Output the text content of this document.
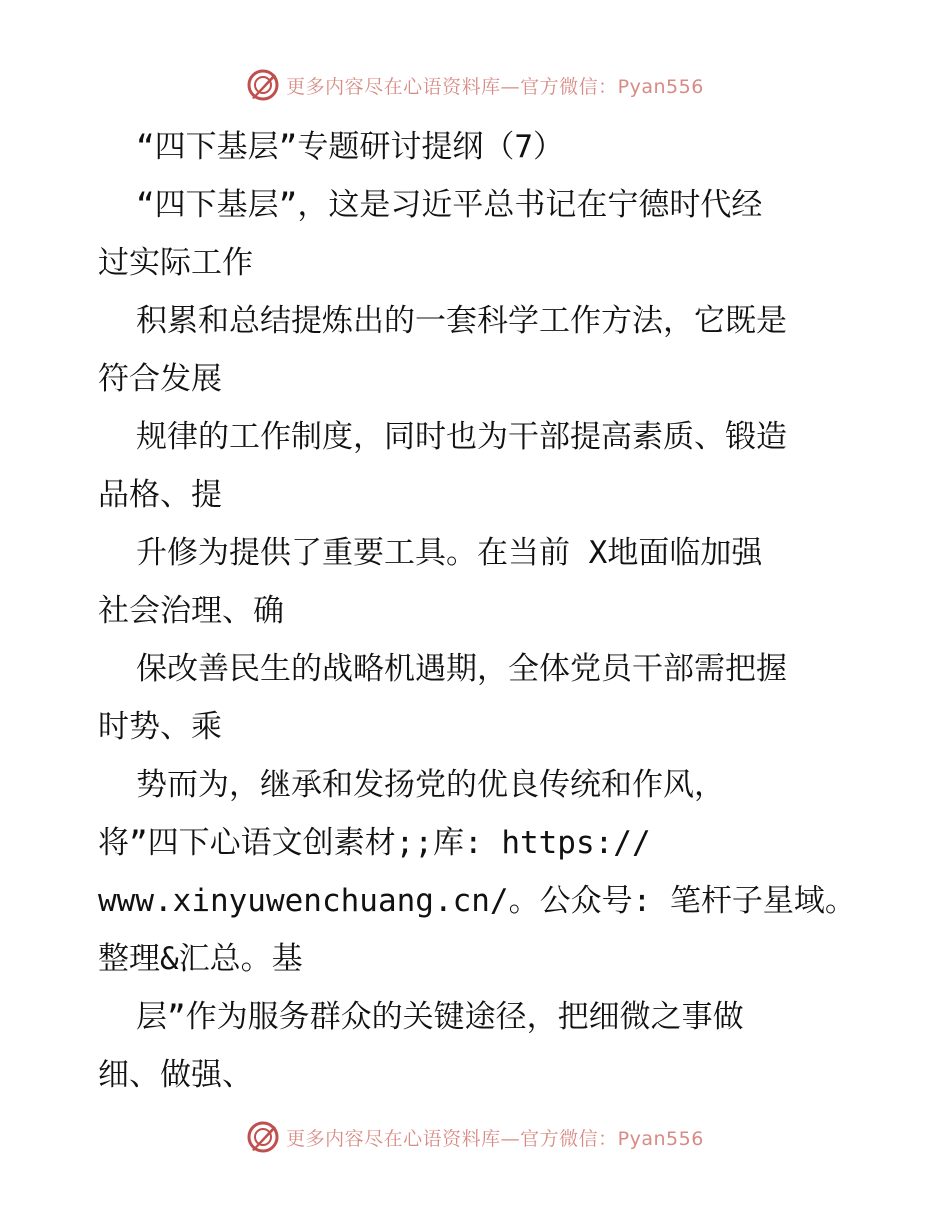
更多内容尽在心语资料库—官方微信：Pyan556
“四下基层”专题研讨提纲（7）
“四下基层”，这是习近平总书记在宁德时代经
过实际工作
积累和总结提炼出的一套科学工作方法，它既是
符合发展
规律的工作制度，同时也为干部提高素质、锻造
品格、提
升修为提供了重要工具。在当前 X地面临加强
社会治理、确
保改善民生的战略机遇期，全体党员干部需把握
时势、乘
势而为，继承和发扬党的优良传统和作风，
将”四下心语文创素材;;库: https://
www.xinyuwenchuang.cn/。公众号: 笔杆子星域。
整理&汇总。基
层”作为服务群众的关键途径，把细微之事做
细、做强、
更多内容尽在心语资料库—官方微信：Pyan556
